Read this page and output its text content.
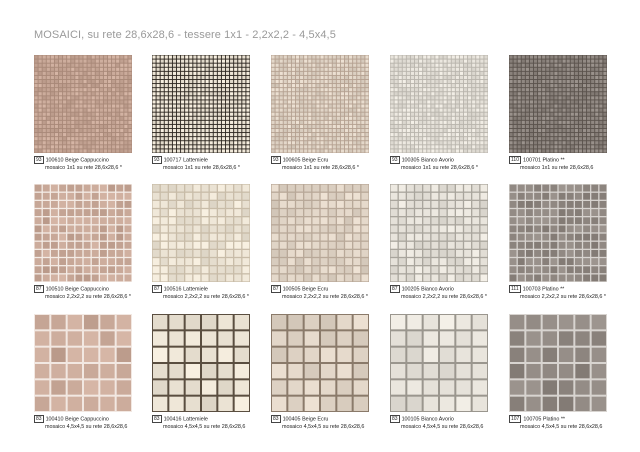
MOSAICI, su rete 28,6x28,6 - tessere 1x1 - 2,2x2,2 - 4,5x4,5
93 100610 Beige Cappuccino
mosaico 1x1 su rete 28,6x28,6 *
93 100717 Lattemiele
mosaico 1x1 su rete 28,6x28,6 *
93 100605 Beige Ecru
mosaico 1x1 su rete 28,6x28,6 *
93 100305 Bianco Avorio
mosaico 1x1 su rete 28,6x28,6 *
110 100701 Platino **
mosaico 1x1 su rete 28,6x28,6
87 100510 Beige Cappuccino
mosaico 2,2x2,2 su rete 28,6x28,6 *
87 100516 Lattemiele
mosaico 2,2x2,2 su rete 28,6x28,6 *
87 100505 Beige Ecru
mosaico 2,2x2,2 su rete 28,6x28,6 *
87 100205 Bianco Avorio
mosaico 2,2x2,2 su rete 28,6x28,6 *
111 100703 Platino **
mosaico 2,2x2,2 su rete 28,6x28,6 *
83 100410 Beige Cappuccino
mosaico 4,5x4,5 su rete 28,6x28,6
83 100416 Lattemiele
mosaico 4,5x4,5 su rete 28,6x28,6
83 100405 Beige Ecru
mosaico 4,5x4,5 su rete 28,6x28,6
83 100105 Bianco Avorio
mosaico 4,5x4,5 su rete 28,6x28,6
107 100705 Platino **
mosaico 4,5x4,5 su rete 28,6x28,6
